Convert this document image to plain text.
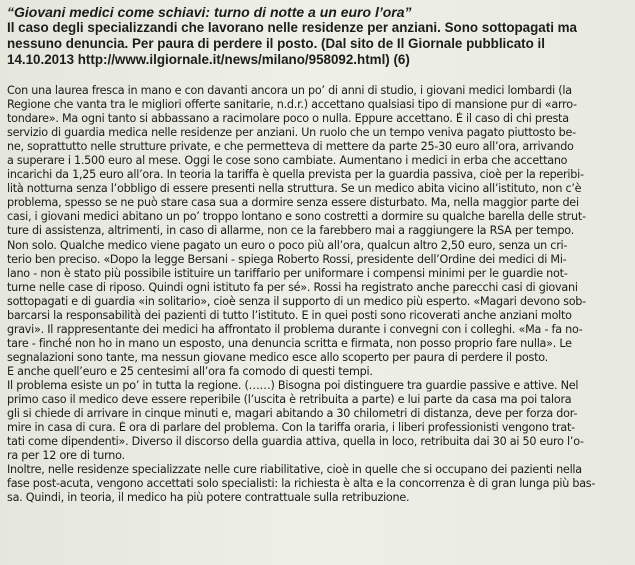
“Giovani medici come schiavi: turno di notte a un euro l’ora”
Il caso degli specializzandi che lavorano nelle residenze per anziani. Sono sottopagati ma
nessuno denuncia. Per paura di perdere il posto. (Dal sito de Il Giornale pubblicato il
14.10.2013 http://www.ilgiornale.it/news/milano/958092.html) (6)
Con una laurea fresca in mano e con davanti ancora un po’ di anni di studio, i giovani medici lombardi (la
Regione che vanta tra le migliori offerte sanitarie, n.d.r.) accettano qualsiasi tipo di mansione pur di «arro-
tondare». Ma ogni tanto si abbassano a racimolare poco o nulla. Eppure accettano. È il caso di chi presta
servizio di guardia medica nelle residenze per anziani. Un ruolo che un tempo veniva pagato piuttosto be-
ne, soprattutto nelle strutture private, e che permetteva di mettere da parte 25-30 euro all’ora, arrivando
a superare i 1.500 euro al mese. Oggi le cose sono cambiate. Aumentano i medici in erba che accettano
incarichi da 1,25 euro all’ora. In teoria la tariffa è quella prevista per la guardia passiva, cioè per la reperibi-
lità notturna senza l’obbligo di essere presenti nella struttura. Se un medico abita vicino all’istituto, non c’è
problema, spesso se ne può stare casa sua a dormire senza essere disturbato. Ma, nella maggior parte dei
casi, i giovani medici abitano un po’ troppo lontano e sono costretti a dormire su qualche barella delle strut-
ture di assistenza, altrimenti, in caso di allarme, non ce la farebbero mai a raggiungere la RSA per tempo.
Non solo. Qualche medico viene pagato un euro o poco più all’ora, qualcun altro 2,50 euro, senza un cri-
terio ben preciso. «Dopo la legge Bersani - spiega Roberto Rossi, presidente dell’Ordine dei medici di Mi-
lano - non è stato più possibile istituire un tariffario per uniformare i compensi minimi per le guardie not-
turne nelle case di riposo. Quindi ogni istituto fa per sé». Rossi ha registrato anche parecchi casi di giovani
sottopagati e di guardia «in solitario», cioè senza il supporto di un medico più esperto. «Magari devono sob-
barcarsi la responsabilità dei pazienti di tutto l’istituto. E in quei posti sono ricoverati anche anziani molto
gravi». Il rappresentante dei medici ha affrontato il problema durante i convegni con i colleghi. «Ma - fa no-
tare - finché non ho in mano un esposto, una denuncia scritta e firmata, non posso proprio fare nulla». Le
segnalazioni sono tante, ma nessun giovane medico esce allo scoperto per paura di perdere il posto.
E anche quell’euro e 25 centesimi all’ora fa comodo di questi tempi.
Il problema esiste un po’ in tutta la regione. (……) Bisogna poi distinguere tra guardie passive e attive. Nel
primo caso il medico deve essere reperibile (l’uscita è retribuita a parte) e lui parte da casa ma poi talora
gli si chiede di arrivare in cinque minuti e, magari abitando a 30 chilometri di distanza, deve per forza dor-
mire in casa di cura. È ora di parlare del problema. Con la tariffa oraria, i liberi professionisti vengono trat-
tati come dipendenti». Diverso il discorso della guardia attiva, quella in loco, retribuita dai 30 ai 50 euro l’o-
ra per 12 ore di turno.
Inoltre, nelle residenze specializzate nelle cure riabilitative, cioè in quelle che si occupano dei pazienti nella
fase post-acuta, vengono accettati solo specialisti: la richiesta è alta e la concorrenza è di gran lunga più bas-
sa. Quindi, in teoria, il medico ha più potere contrattuale sulla retribuzione.
